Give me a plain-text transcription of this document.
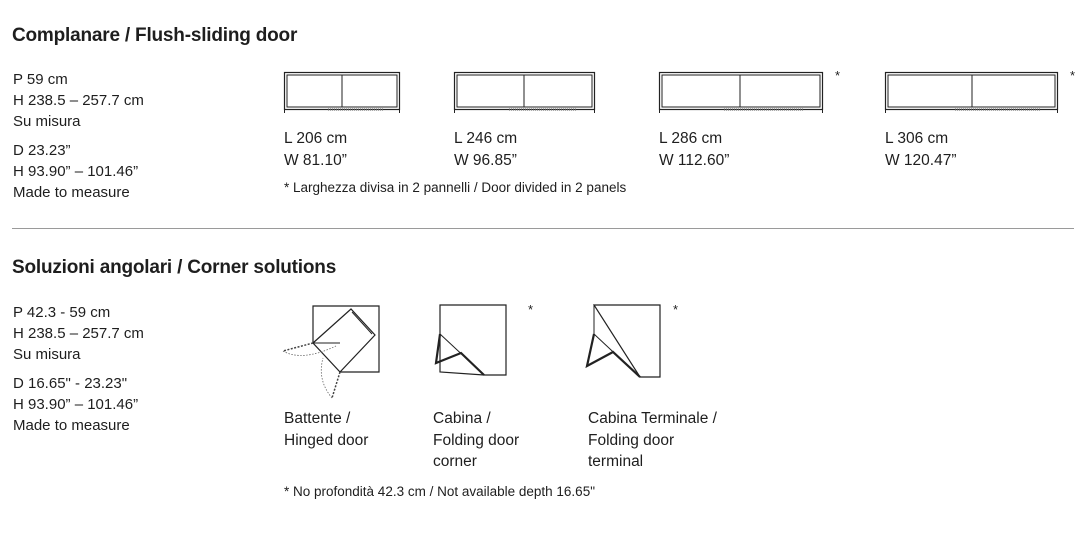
Complanare / Flush-sliding door
P 59 cm
H 238.5 – 257.7 cm
Su misura
D 23.23”
H 93.90” – 101.46”
Made to measure
*	*
L 206 cm
W 81.10”
L 246 cm
W 96.85”
L 286 cm
W 112.60”
L 306 cm
W 120.47”
* Larghezza divisa in 2 pannelli / Door divided in 2 panels
Soluzioni angolari / Corner solutions
P 42.3 - 59 cm
H 238.5 – 257.7 cm
Su misura
D 16.65" - 23.23"
H 93.90” – 101.46”
Made to measure
*	*
Battente /
Hinged door
Cabina /
Folding door
corner
Cabina Terminale /
Folding door
terminal
* No profondità 42.3 cm / Not available depth 16.65"
